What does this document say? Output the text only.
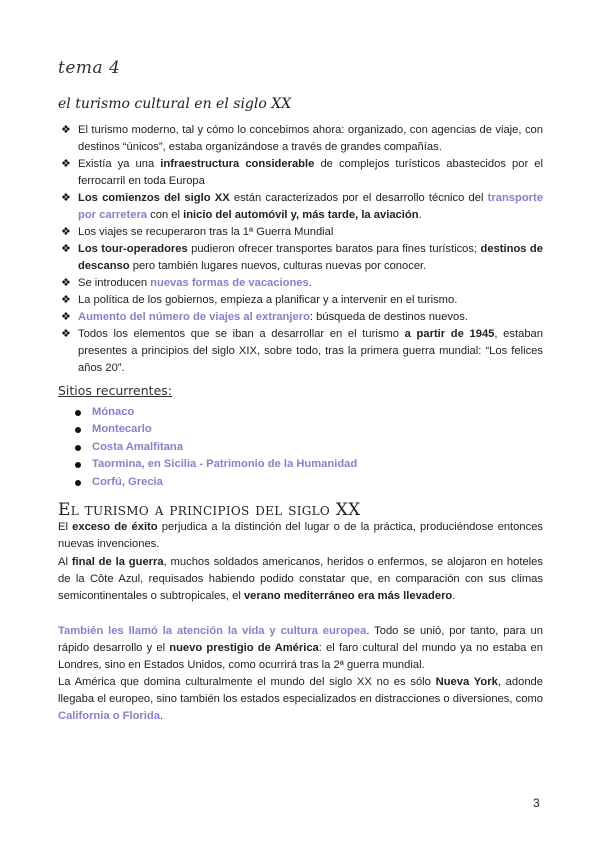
tema 4
el turismo cultural en el siglo XX
❖ El turismo moderno, tal y cómo lo concebimos ahora: organizado, con agencias de viaje, con destinos “únicos”, estaba organizándose a través de grandes compañías.
❖ Existía ya una infraestructura considerable de complejos turísticos abastecidos por el ferrocarril en toda Europa
❖ Los comienzos del siglo XX están caracterizados por el desarrollo técnico del transporte por carretera con el inicio del automóvil y, más tarde, la aviación.
❖ Los viajes se recuperaron tras la 1ª Guerra Mundial
❖ Los tour-operadores pudieron ofrecer transportes baratos para fines turísticos; destinos de descanso pero también lugares nuevos, culturas nuevas por conocer.
❖ Se introducen nuevas formas de vacaciones.
❖ La política de los gobiernos, empieza a planificar y a intervenir en el turismo.
❖ Aumento del número de viajes al extranjero: búsqueda de destinos nuevos.
❖ Todos los elementos que se iban a desarrollar en el turismo a partir de 1945, estaban presentes a principios del siglo XIX, sobre todo, tras la primera guerra mundial: “Los felices años 20”.
Sitios recurrentes:
Mónaco
Montecarlo
Costa Amalfitana
Taormina, en Sicilia - Patrimonio de la Humanidad
Corfú, Grecia
El turismo a principios del siglo XX

El exceso de éxito perjudica a la distinción del lugar o de la práctica, produciéndose entonces nuevas invenciones.

Al final de la guerra, muchos soldados americanos, heridos o enfermos, se alojaron en hoteles de la Côte Azul, requisados habiendo podido constatar que, en comparación con sus climas semicontinentales o subtropicales, el verano mediterráneo era más llevadero.

También les llamó la atención la vida y cultura europea. Todo se unió, por tanto, para un rápido desarrollo y el nuevo prestigio de América: el faro cultural del mundo ya no estaba en Londres, sino en Estados Unidos, como ocurrirá tras la 2ª guerra mundial.

La América que domina culturalmente el mundo del siglo XX no es sólo Nueva York, adonde llegaba el europeo, sino también los estados especializados en distracciones o diversiones, como California o Florida.

3
